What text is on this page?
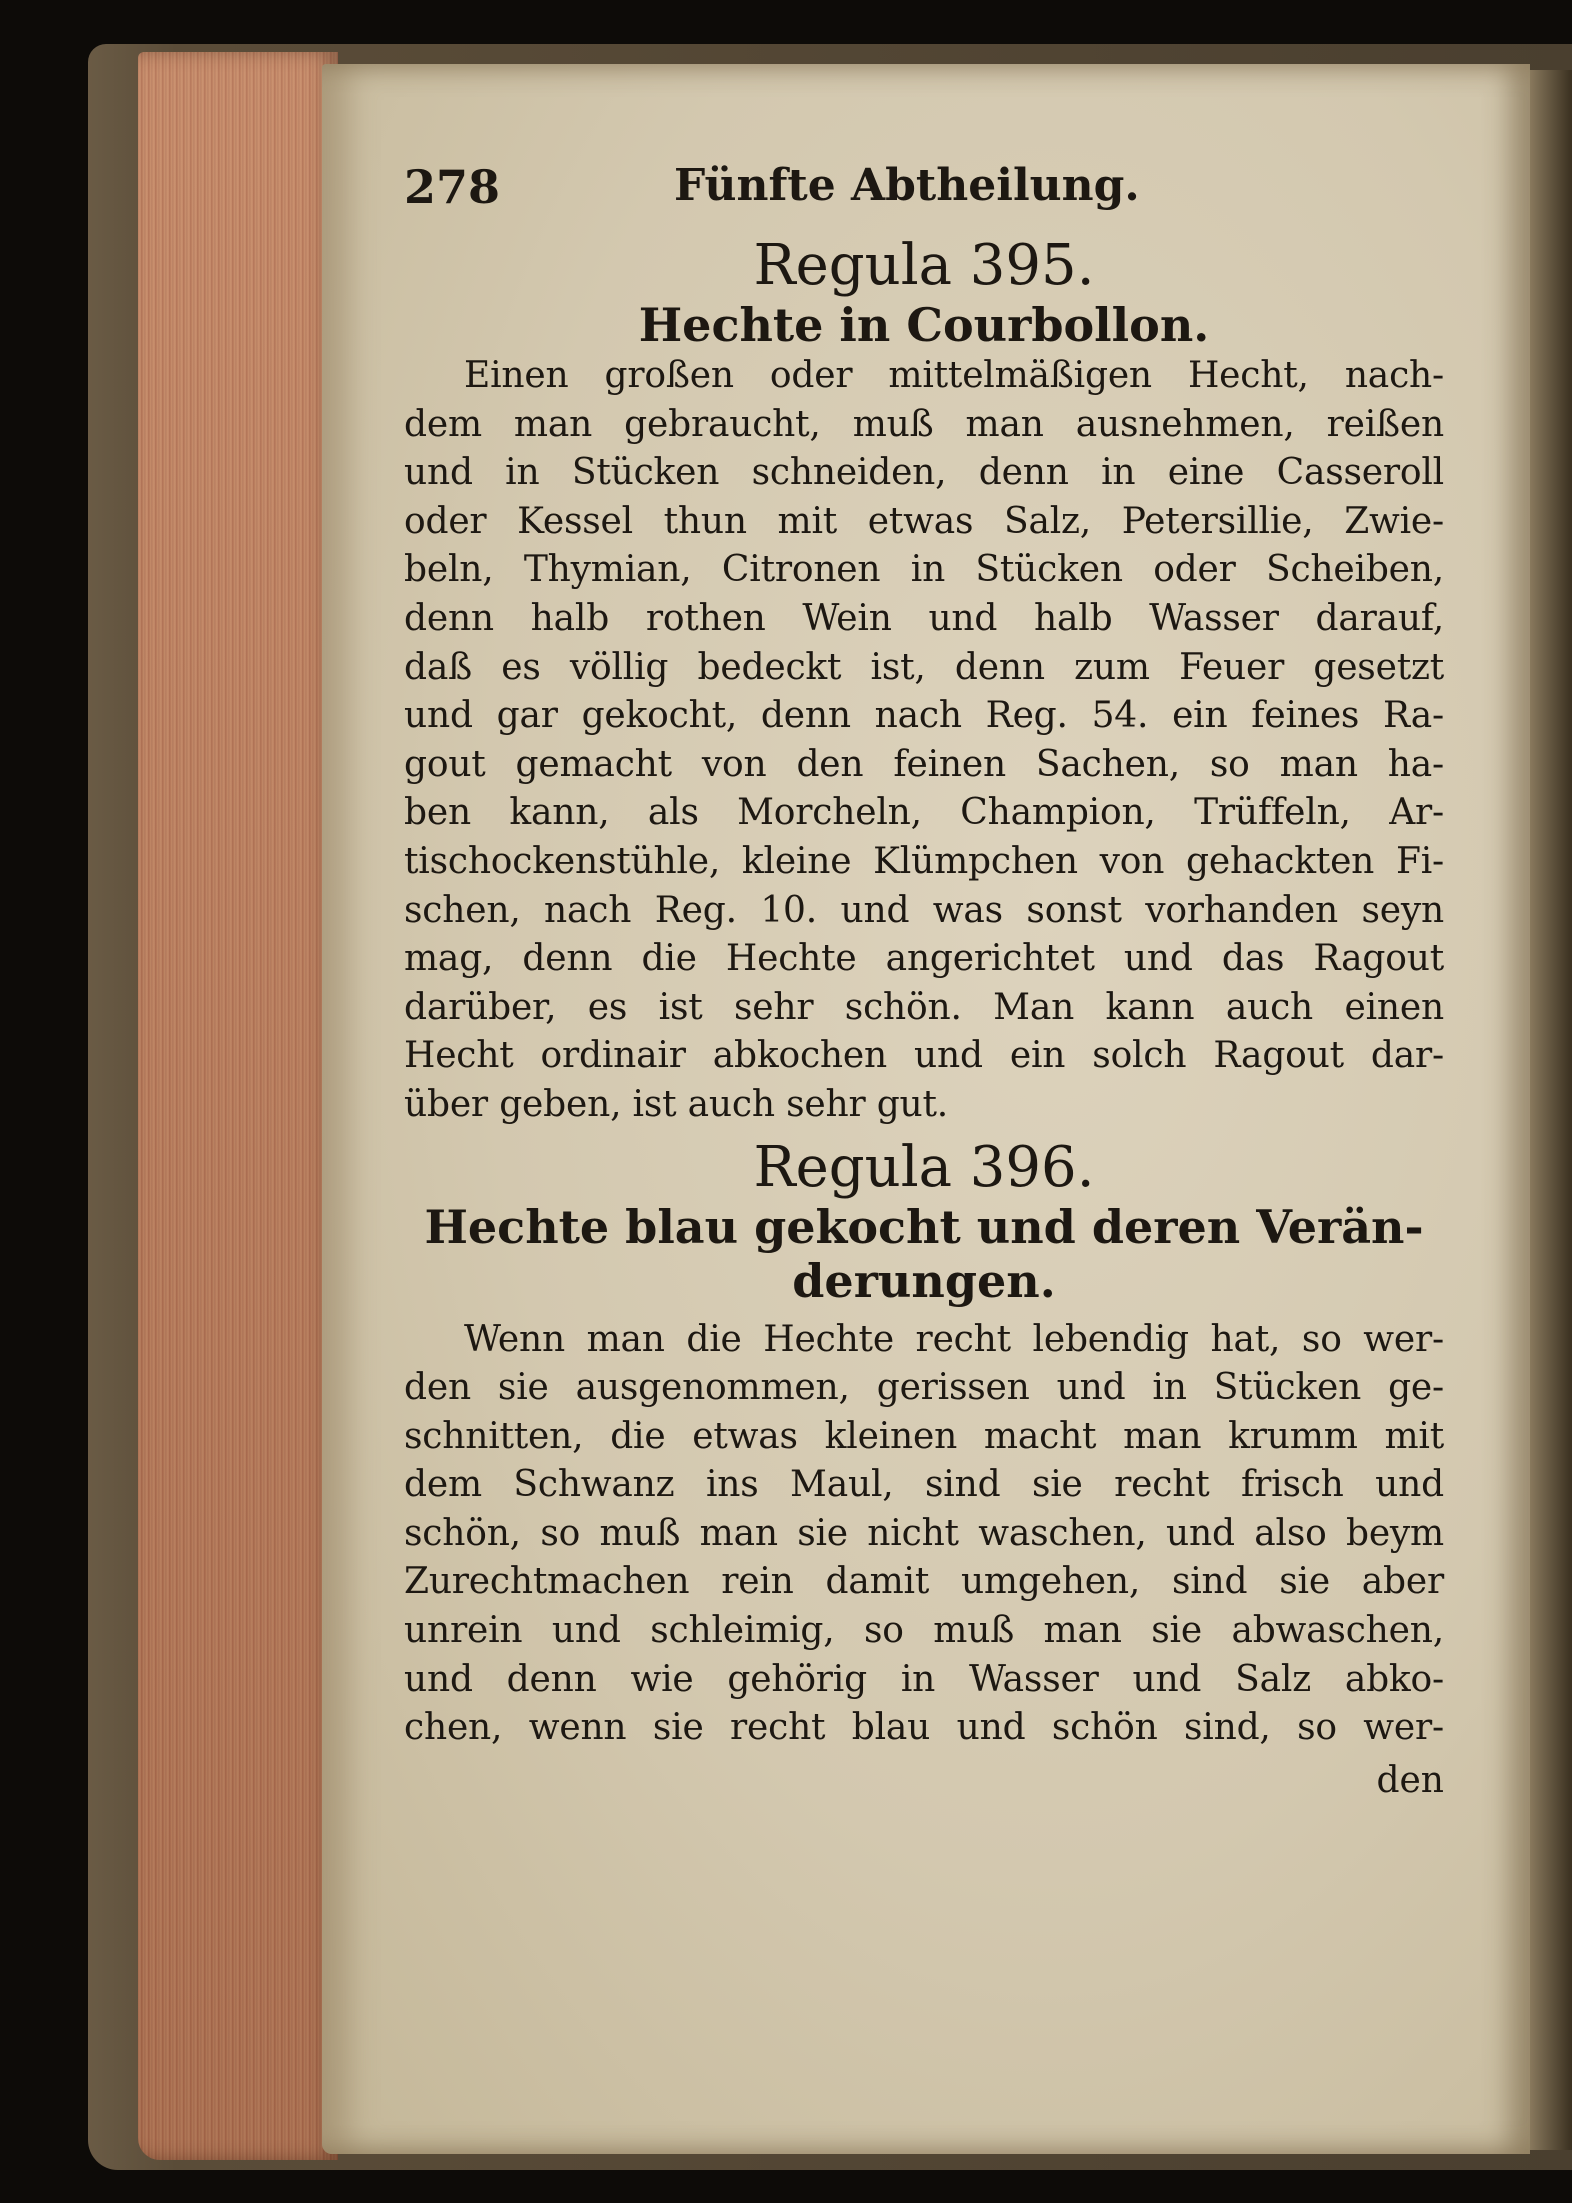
278	Fünfte Abtheilung.
Regula 395.
Hechte in Courbollon.
Einen großen oder mittelmäßigen Hecht, nach-
dem man gebraucht, muß man ausnehmen, reißen
und in Stücken schneiden, denn in eine Casseroll
oder Kessel thun mit etwas Salz, Petersillie, Zwie-
beln, Thymian, Citronen in Stücken oder Scheiben,
denn halb rothen Wein und halb Wasser darauf,
daß es völlig bedeckt ist, denn zum Feuer gesetzt
und gar gekocht, denn nach Reg. 54. ein feines Ra-
gout gemacht von den feinen Sachen, so man ha-
ben kann, als Morcheln, Champion, Trüffeln, Ar-
tischockenstühle, kleine Klümpchen von gehackten Fi-
schen, nach Reg. 10. und was sonst vorhanden seyn
mag, denn die Hechte angerichtet und das Ragout
darüber, es ist sehr schön. Man kann auch einen
Hecht ordinair abkochen und ein solch Ragout dar-
über geben, ist auch sehr gut.
Regula 396.
Hechte blau gekocht und deren Verän-
derungen.
Wenn man die Hechte recht lebendig hat, so wer-
den sie ausgenommen, gerissen und in Stücken ge-
schnitten, die etwas kleinen macht man krumm mit
dem Schwanz ins Maul, sind sie recht frisch und
schön, so muß man sie nicht waschen, und also beym
Zurechtmachen rein damit umgehen, sind sie aber
unrein und schleimig, so muß man sie abwaschen,
und denn wie gehörig in Wasser und Salz abko-
chen, wenn sie recht blau und schön sind, so wer-
den
